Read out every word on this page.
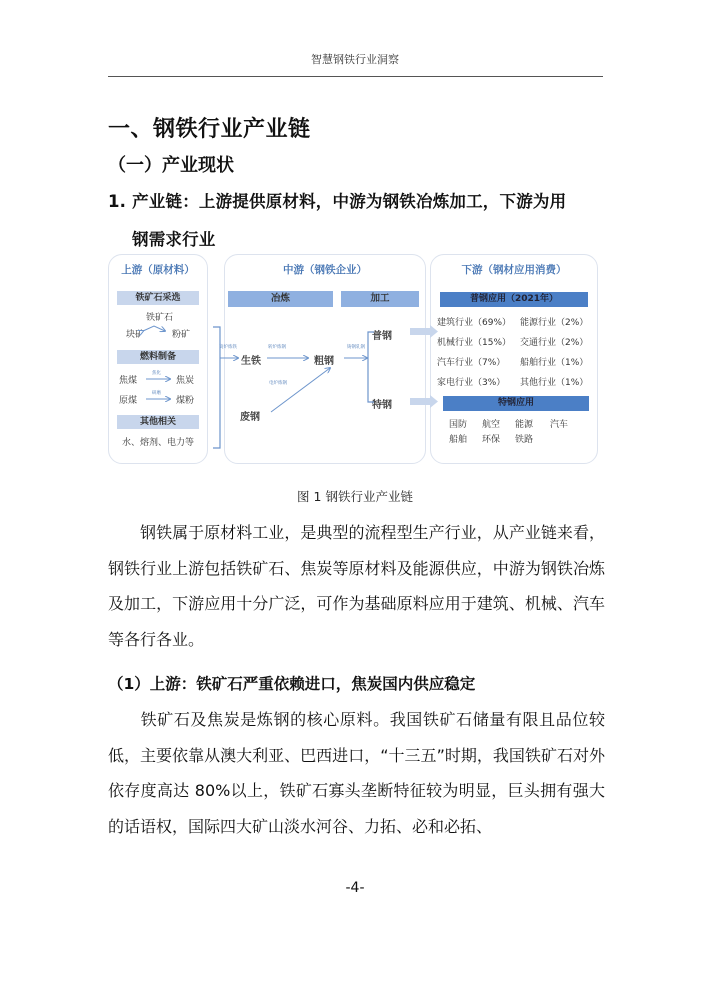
智慧钢铁行业洞察
一、钢铁行业产业链
（一）产业现状
1. 产业链：上游提供原材料，中游为钢铁冶炼加工，下游为用
钢需求行业
上游（原材料）
铁矿石采选
铁矿石
块矿	粉矿
燃料制备
焦煤
焦化
焦炭
原煤
研磨
煤粉
其他相关
水、熔剂、电力等
中游（钢铁企业）
冶炼	加工
高炉炼铁
生铁
转炉炼钢
粗钢
电炉炼钢
废钢
铸钢轧钢
普钢
特钢
下游（钢材应用消费）
普钢应用（2021年）
建筑行业（69%） 能源行业（2%）
机械行业（15%） 交通行业（2%）
汽车行业（7%） 船舶行业（1%）
家电行业（3%） 其他行业（1%）
特钢应用
国防 航空 能源 汽车
船舶 环保 铁路
图 1 钢铁行业产业链
钢铁属于原材料工业，是典型的流程型生产行业，从产业链来看，钢铁行业上游包括铁矿石、焦炭等原材料及能源供应，中游为钢铁冶炼及加工，下游应用十分广泛，可作为基础原料应用于建筑、机械、汽车等各行各业。
（1）上游：铁矿石严重依赖进口，焦炭国内供应稳定
铁矿石及焦炭是炼钢的核心原料。我国铁矿石储量有限且品位较低，主要依靠从澳大利亚、巴西进口，“十三五”时期，我国铁矿石对外依存度高达 80%以上，铁矿石寡头垄断特征较为明显，巨头拥有强大的话语权，国际四大矿山淡水河谷、力拓、必和必拓、
-4-
